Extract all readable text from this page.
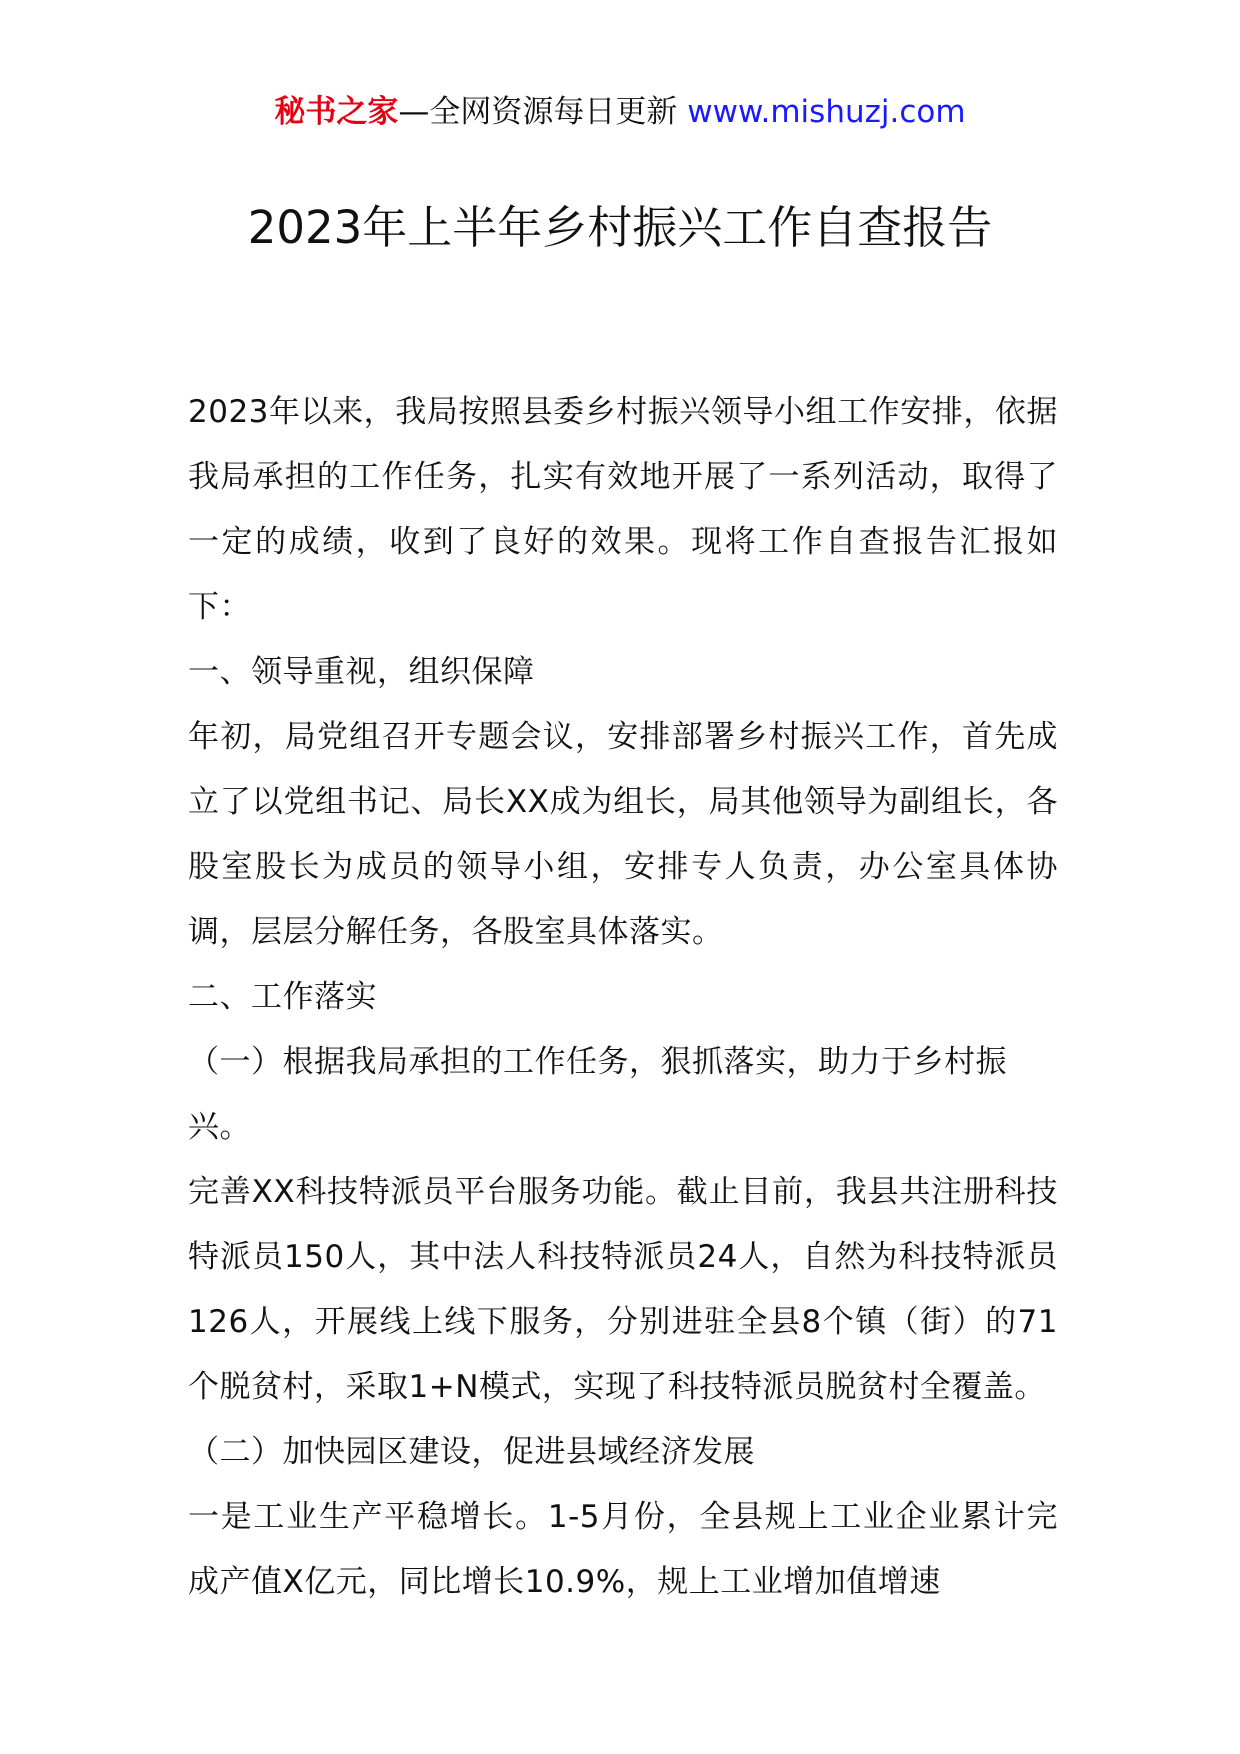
秘书之家—全网资源每日更新 www.mishuzj.com
2023年上半年乡村振兴工作自查报告

2023年以来，我局按照县委乡村振兴领导小组工作安排，依据我局承担的工作任务，扎实有效地开展了一系列活动，取得了一定的成绩，收到了良好的效果。现将工作自查报告汇报如下：

一、领导重视，组织保障

年初，局党组召开专题会议，安排部署乡村振兴工作，首先成立了以党组书记、局长XX成为组长，局其他领导为副组长，各股室股长为成员的领导小组，安排专人负责，办公室具体协调，层层分解任务，各股室具体落实。

二、工作落实

（一）根据我局承担的工作任务，狠抓落实，助力于乡村振兴。

完善XX科技特派员平台服务功能。截止目前，我县共注册科技特派员150人，其中法人科技特派员24人，自然为科技特派员126人，开展线上线下服务，分别进驻全县8个镇（街）的71个脱贫村，采取1+N模式，实现了科技特派员脱贫村全覆盖。

（二）加快园区建设，促进县域经济发展

一是工业生产平稳增长。1-5月份，全县规上工业企业累计完成产值X亿元，同比增长10.9%，规上工业增加值增速
